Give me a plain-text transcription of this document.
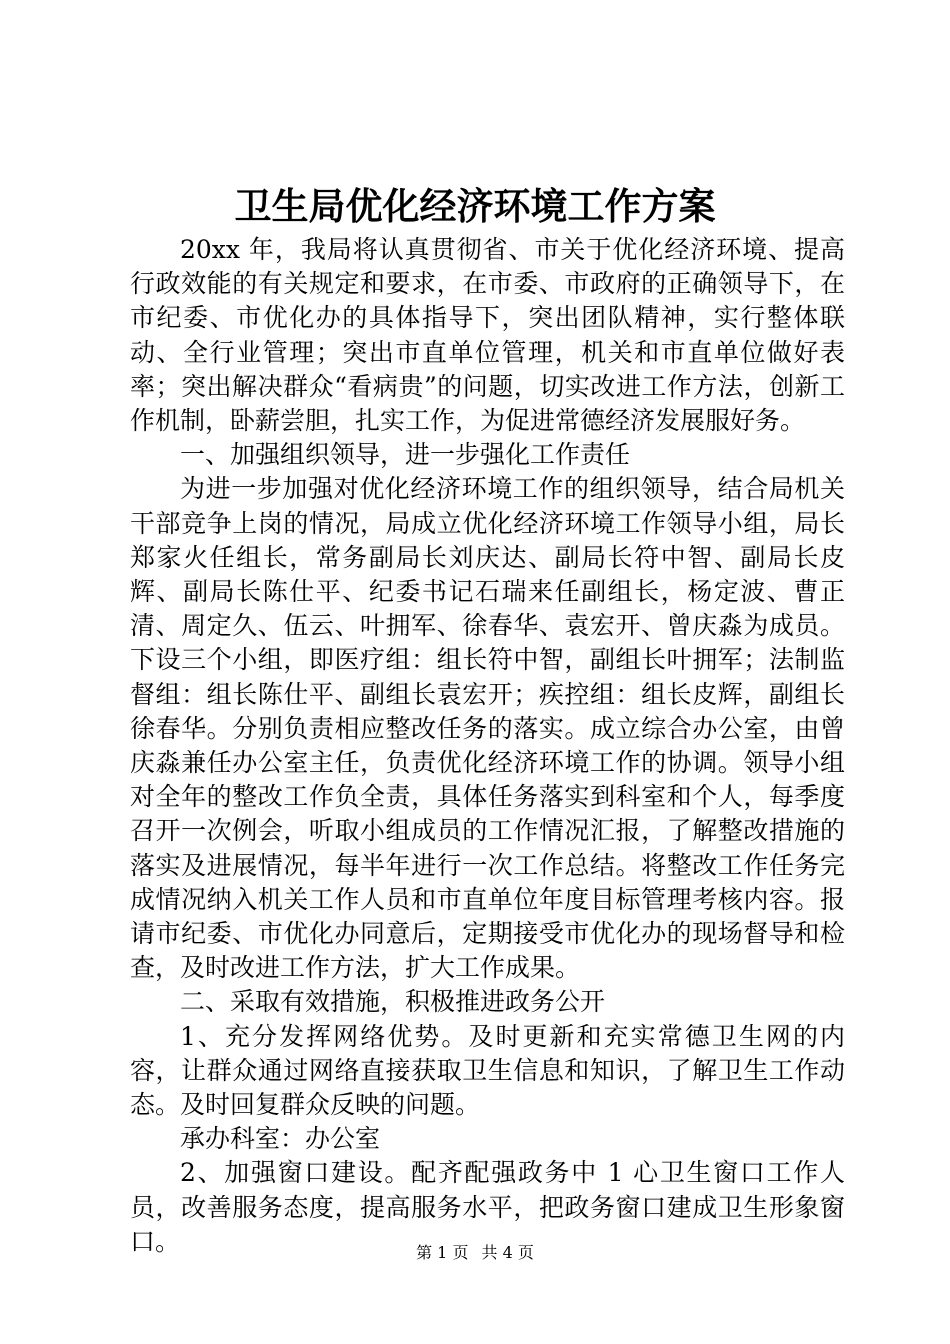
卫生局优化经济环境工作方案

20xx 年，我局将认真贯彻省、市关于优化经济环境、提高行政效能的有关规定和要求，在市委、市政府的正确领导下，在市纪委、市优化办的具体指导下，突出团队精神，实行整体联动、全行业管理；突出市直单位管理，机关和市直单位做好表率；突出解决群众“看病贵”的问题，切实改进工作方法，创新工作机制，卧薪尝胆，扎实工作，为促进常德经济发展服好务。

一、加强组织领导，进一步强化工作责任

为进一步加强对优化经济环境工作的组织领导，结合局机关干部竞争上岗的情况，局成立优化经济环境工作领导小组，局长郑家火任组长，常务副局长刘庆达、副局长符中智、副局长皮辉、副局长陈仕平、纪委书记石瑞来任副组长，杨定波、曹正清、周定久、伍云、叶拥军、徐春华、袁宏开、曾庆淼为成员。下设三个小组，即医疗组：组长符中智，副组长叶拥军；法制监督组：组长陈仕平、副组长袁宏开；疾控组：组长皮辉，副组长徐春华。分别负责相应整改任务的落实。成立综合办公室，由曾庆淼兼任办公室主任，负责优化经济环境工作的协调。领导小组对全年的整改工作负全责，具体任务落实到科室和个人，每季度召开一次例会，听取小组成员的工作情况汇报，了解整改措施的落实及进展情况，每半年进行一次工作总结。将整改工作任务完成情况纳入机关工作人员和市直单位年度目标管理考核内容。报请市纪委、市优化办同意后，定期接受市优化办的现场督导和检查，及时改进工作方法，扩大工作成果。

二、采取有效措施，积极推进政务公开

1、充分发挥网络优势。及时更新和充实常德卫生网的内容，让群众通过网络直接获取卫生信息和知识，了解卫生工作动态。及时回复群众反映的问题。

承办科室：办公室

2、加强窗口建设。配齐配强政务中 1 心卫生窗口工作人员，改善服务态度，提高服务水平，把政务窗口建成卫生形象窗口。	第 1 页 共 4 页
